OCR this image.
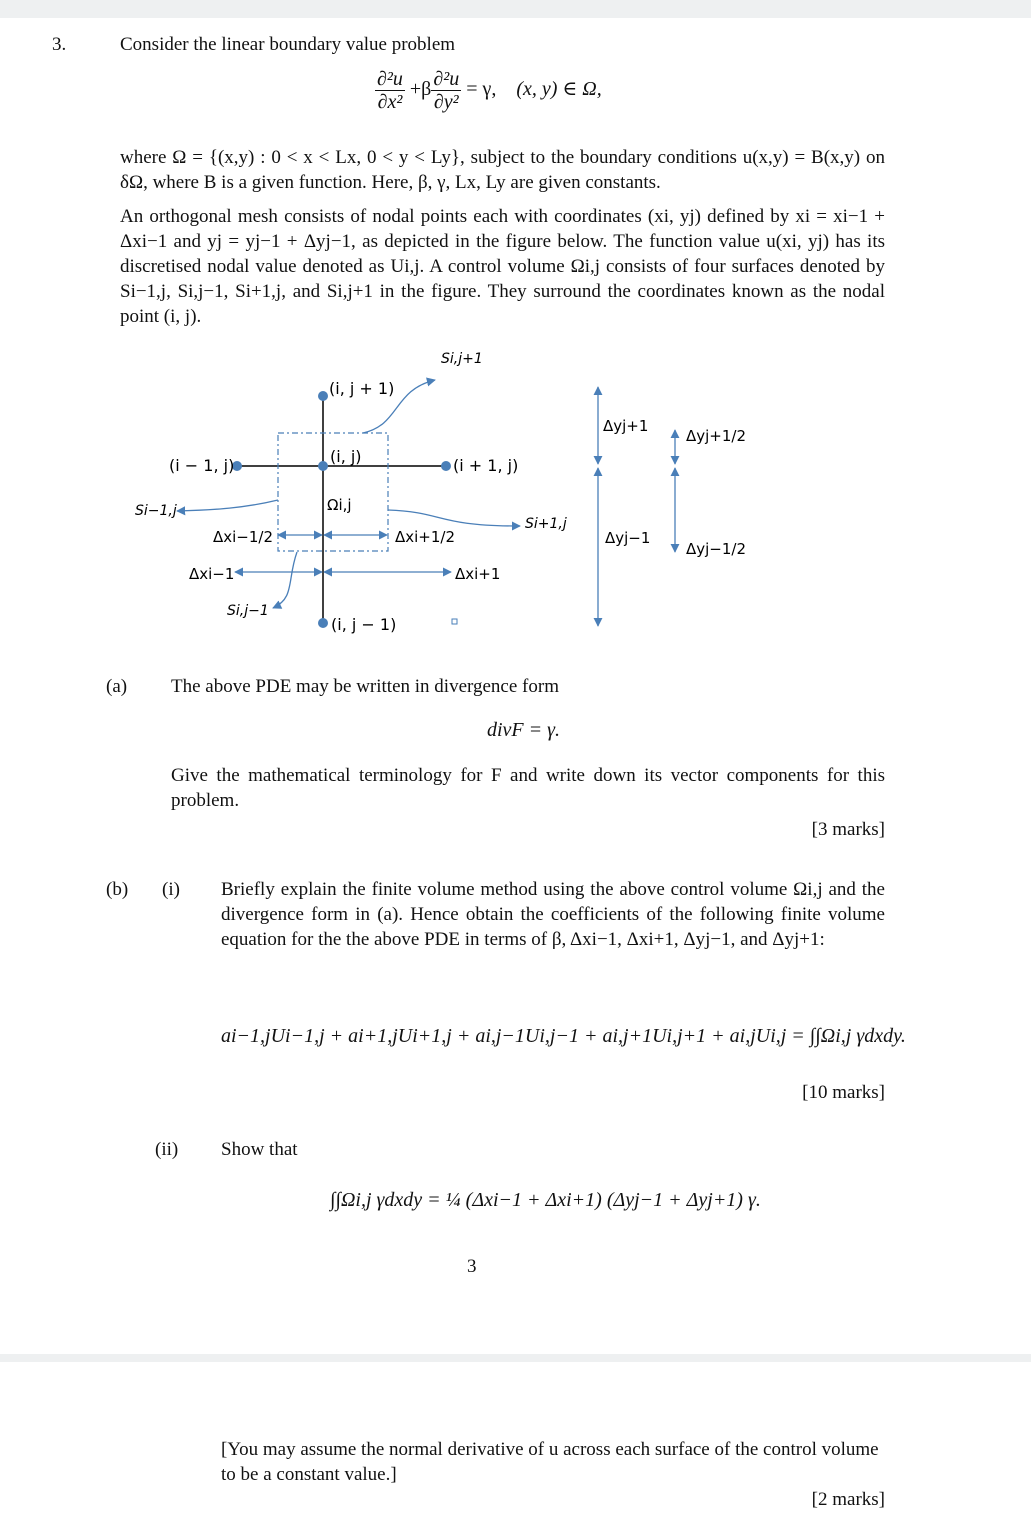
3.	Consider the linear boundary value problem
$\frac{\text{∂²u}}{\text{∂x²}} +\beta \frac{\text{∂²u}}{\text{∂y²}} = \gamma$, (x, y) ∈ Ω,
where Ω = {(x,y) : 0 < x < Lx, 0 < y < Ly}, subject to the boundary conditions u(x,y) = B(x,y) on δΩ, where B is a given function. Here, β, γ, Lx, Ly are given constants.
An orthogonal mesh consists of nodal points each with coordinates (xi, yj) defined by xi = xi−1 + Δxi−1 and yj = yj−1 + Δyj−1, as depicted in the figure below. The function value u(xi, yj) has its discretised nodal value denoted as Ui,j. A control volume Ωi,j consists of four surfaces denoted by Si−1,j, Si,j−1, Si+1,j, and Si,j+1 in the figure. They surround the coordinates known as the nodal point (i, j).
(i, j + 1)
(i, j)
(i − 1, j)	(i + 1, j)
(i, j − 1)
Ωi,j
Si,j+1
Si−1,j
Si+1,j
Si,j−1
Δxi−1/2	Δxi+1/2
Δxi−1	Δxi+1
Δyj+1
Δyj−1
Δyj+1/2
Δyj−1/2
(a) The above PDE may be written in divergence form
divF = γ.
Give the mathematical terminology for F and write down its vector components for this problem.
[3 marks]
(b) (i) Briefly explain the finite volume method using the above control volume Ωi,j and the divergence form in (a). Hence obtain the coefficients of the following finite volume equation for the the above PDE in terms of β, Δxi−1, Δxi+1, Δyj−1, and Δyj+1:
ai−1,jUi−1,j + ai+1,jUi+1,j + ai,j−1Ui,j−1 + ai,j+1Ui,j+1 + ai,jUi,j = ∫∫Ωi,j γdxdy.
[10 marks]
(ii) Show that
∫∫Ωi,j γdxdy = ¼ (Δxi−1 + Δxi+1) (Δyj−1 + Δyj+1) γ.
3
[You may assume the normal derivative of u across each surface of the control volume to be a constant value.]
[2 marks]
